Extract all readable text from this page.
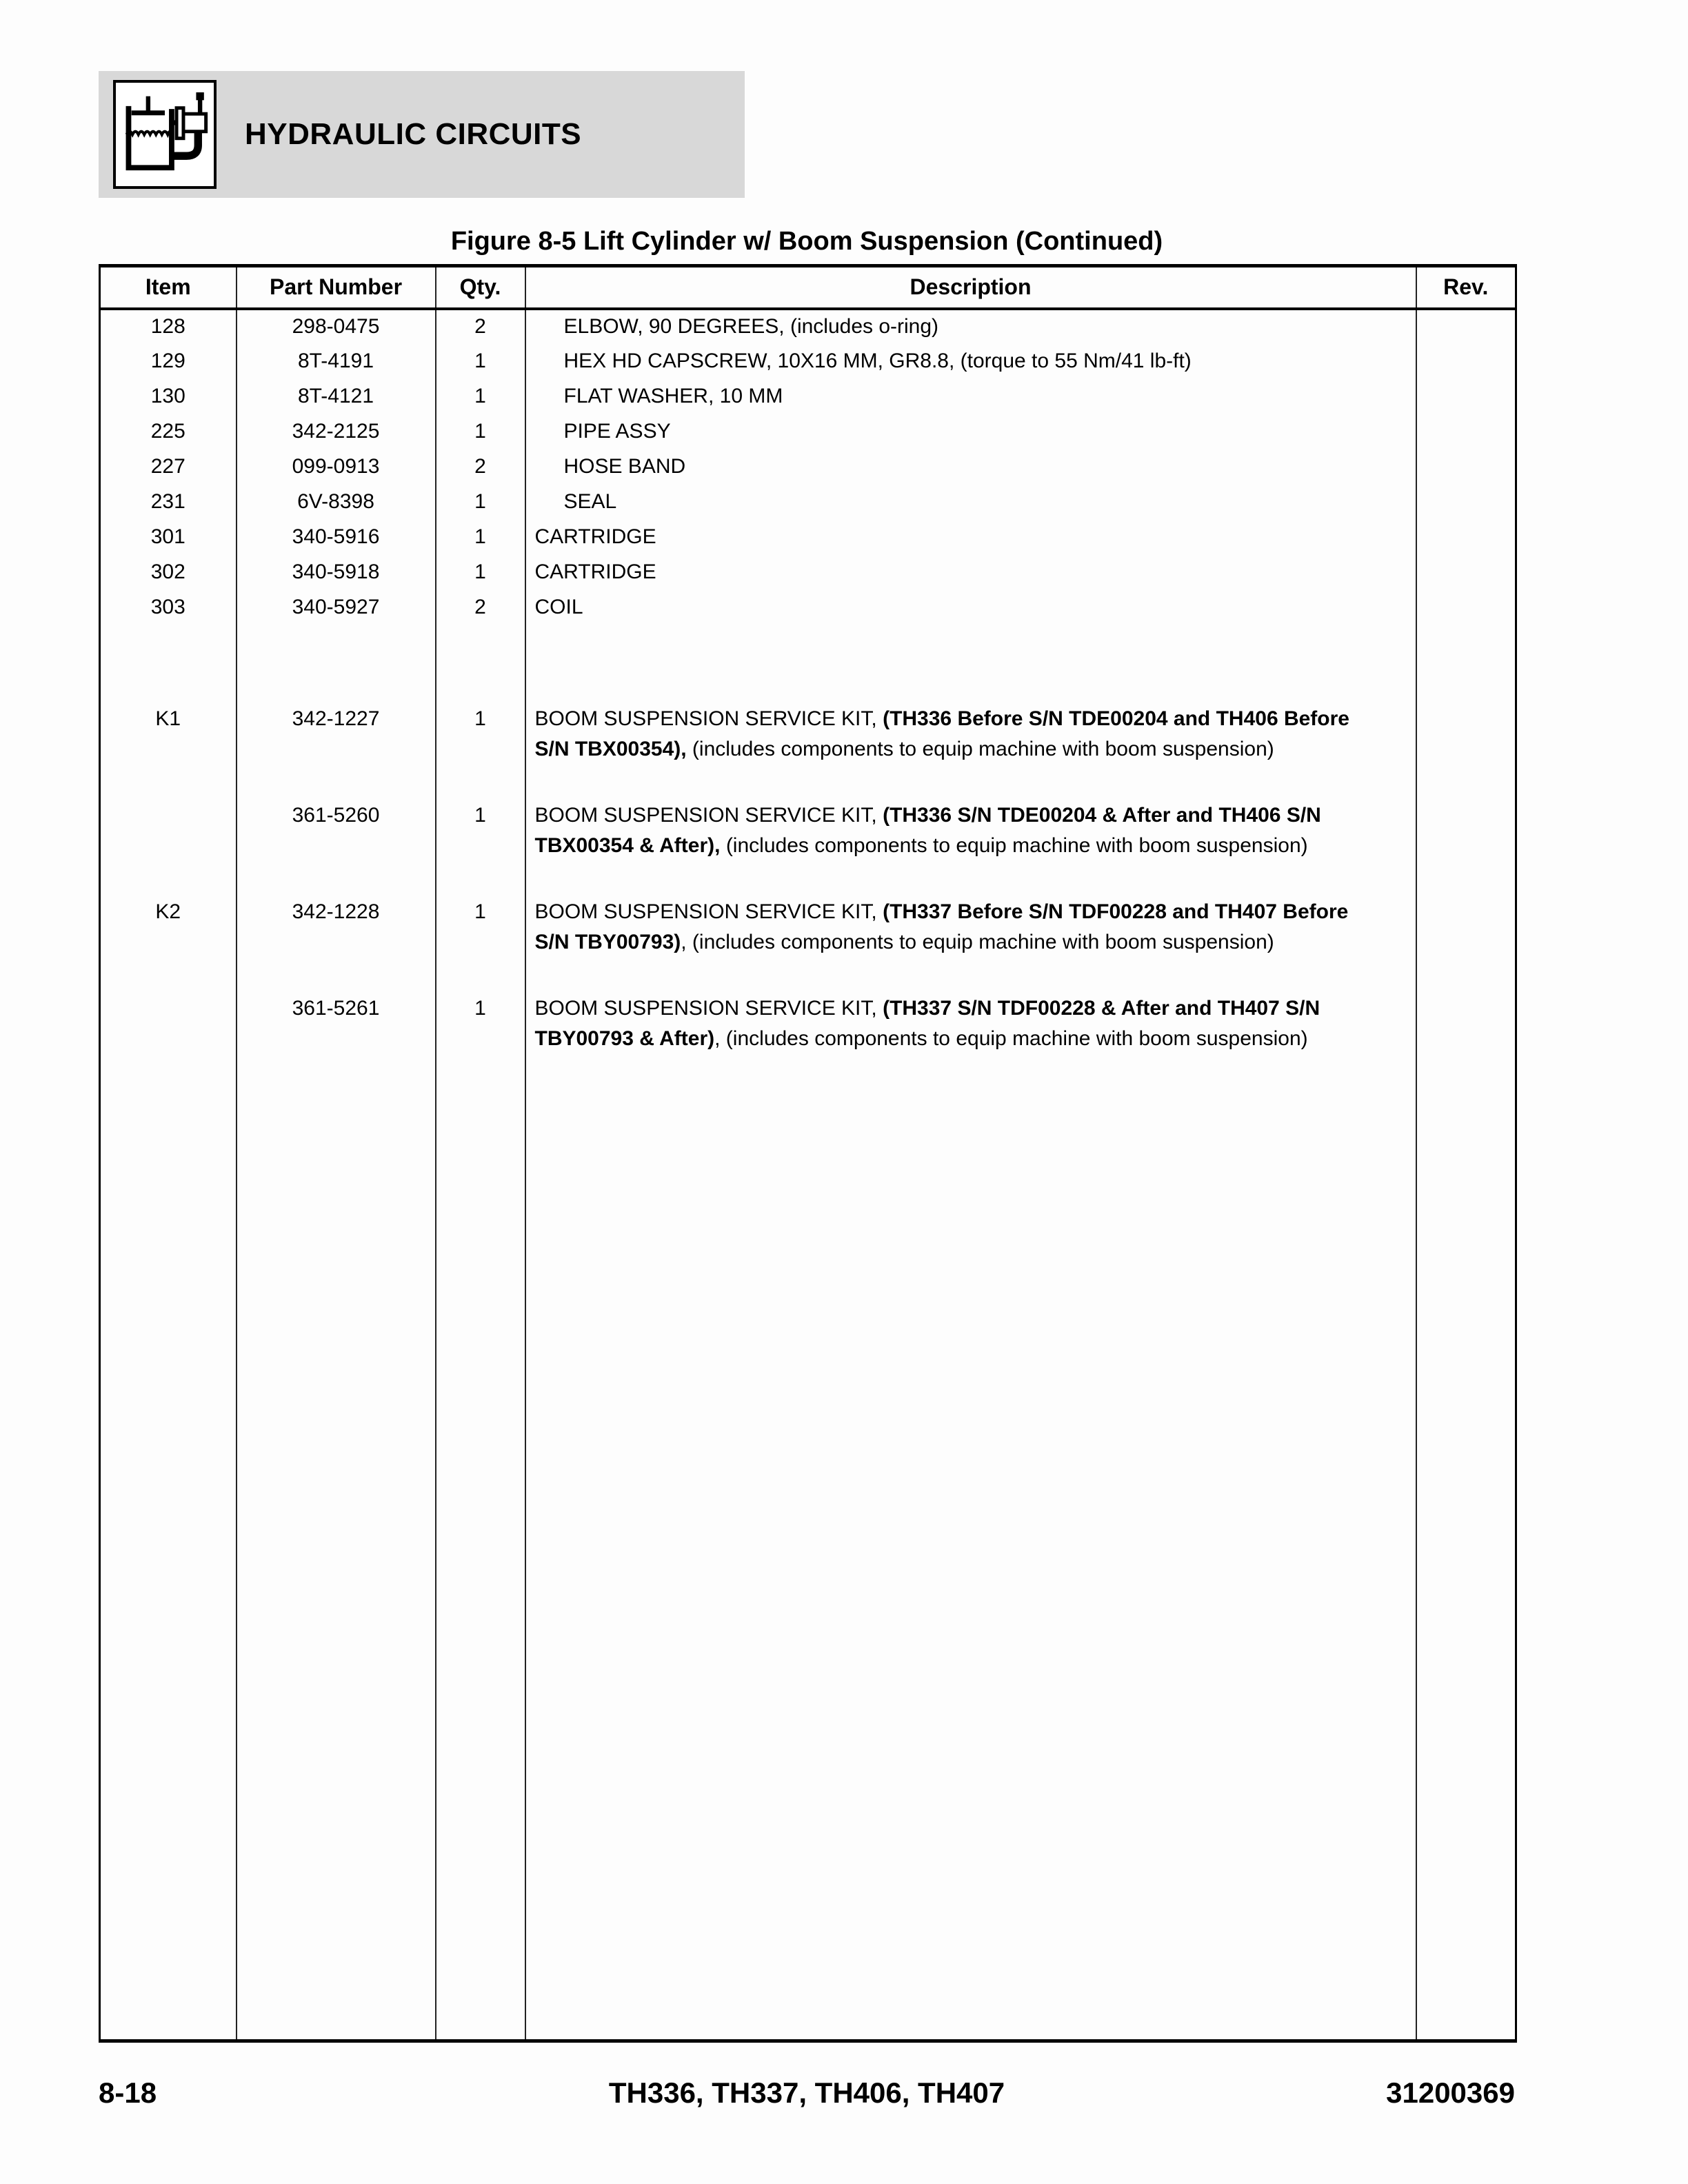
HYDRAULIC CIRCUITS
Figure 8-5 Lift Cylinder w/ Boom Suspension (Continued)
Item	Part Number	Qty.	Description	Rev.
128	298-0475	2	ELBOW, 90 DEGREES, (includes o-ring)	
129	8T-4191	1	HEX HD CAPSCREW, 10X16 MM, GR8.8, (torque to 55 Nm/41 lb-ft)	
130	8T-4121	1	FLAT WASHER, 10 MM	
225	342-2125	1	PIPE ASSY	
227	099-0913	2	HOSE BAND	
231	6V-8398	1	SEAL	
301	340-5916	1	CARTRIDGE	
302	340-5918	1	CARTRIDGE	
303	340-5927	2	COIL	

K1	342-1227	1	BOOM SUSPENSION SERVICE KIT, (TH336 Before S/N TDE00204 and TH406 Before S/N TBX00354), (includes components to equip machine with boom suspension)	
	361-5260	1	BOOM SUSPENSION SERVICE KIT, (TH336 S/N TDE00204 & After and TH406 S/N TBX00354 & After), (includes components to equip machine with boom suspension)	
K2	342-1228	1	BOOM SUSPENSION SERVICE KIT, (TH337 Before S/N TDF00228 and TH407 Before S/N TBY00793), (includes components to equip machine with boom suspension)	
	361-5261	1	BOOM SUSPENSION SERVICE KIT, (TH337 S/N TDF00228 & After and TH407 S/N TBY00793 & After), (includes components to equip machine with boom suspension)	

8-18	TH336, TH337, TH406, TH407	31200369
